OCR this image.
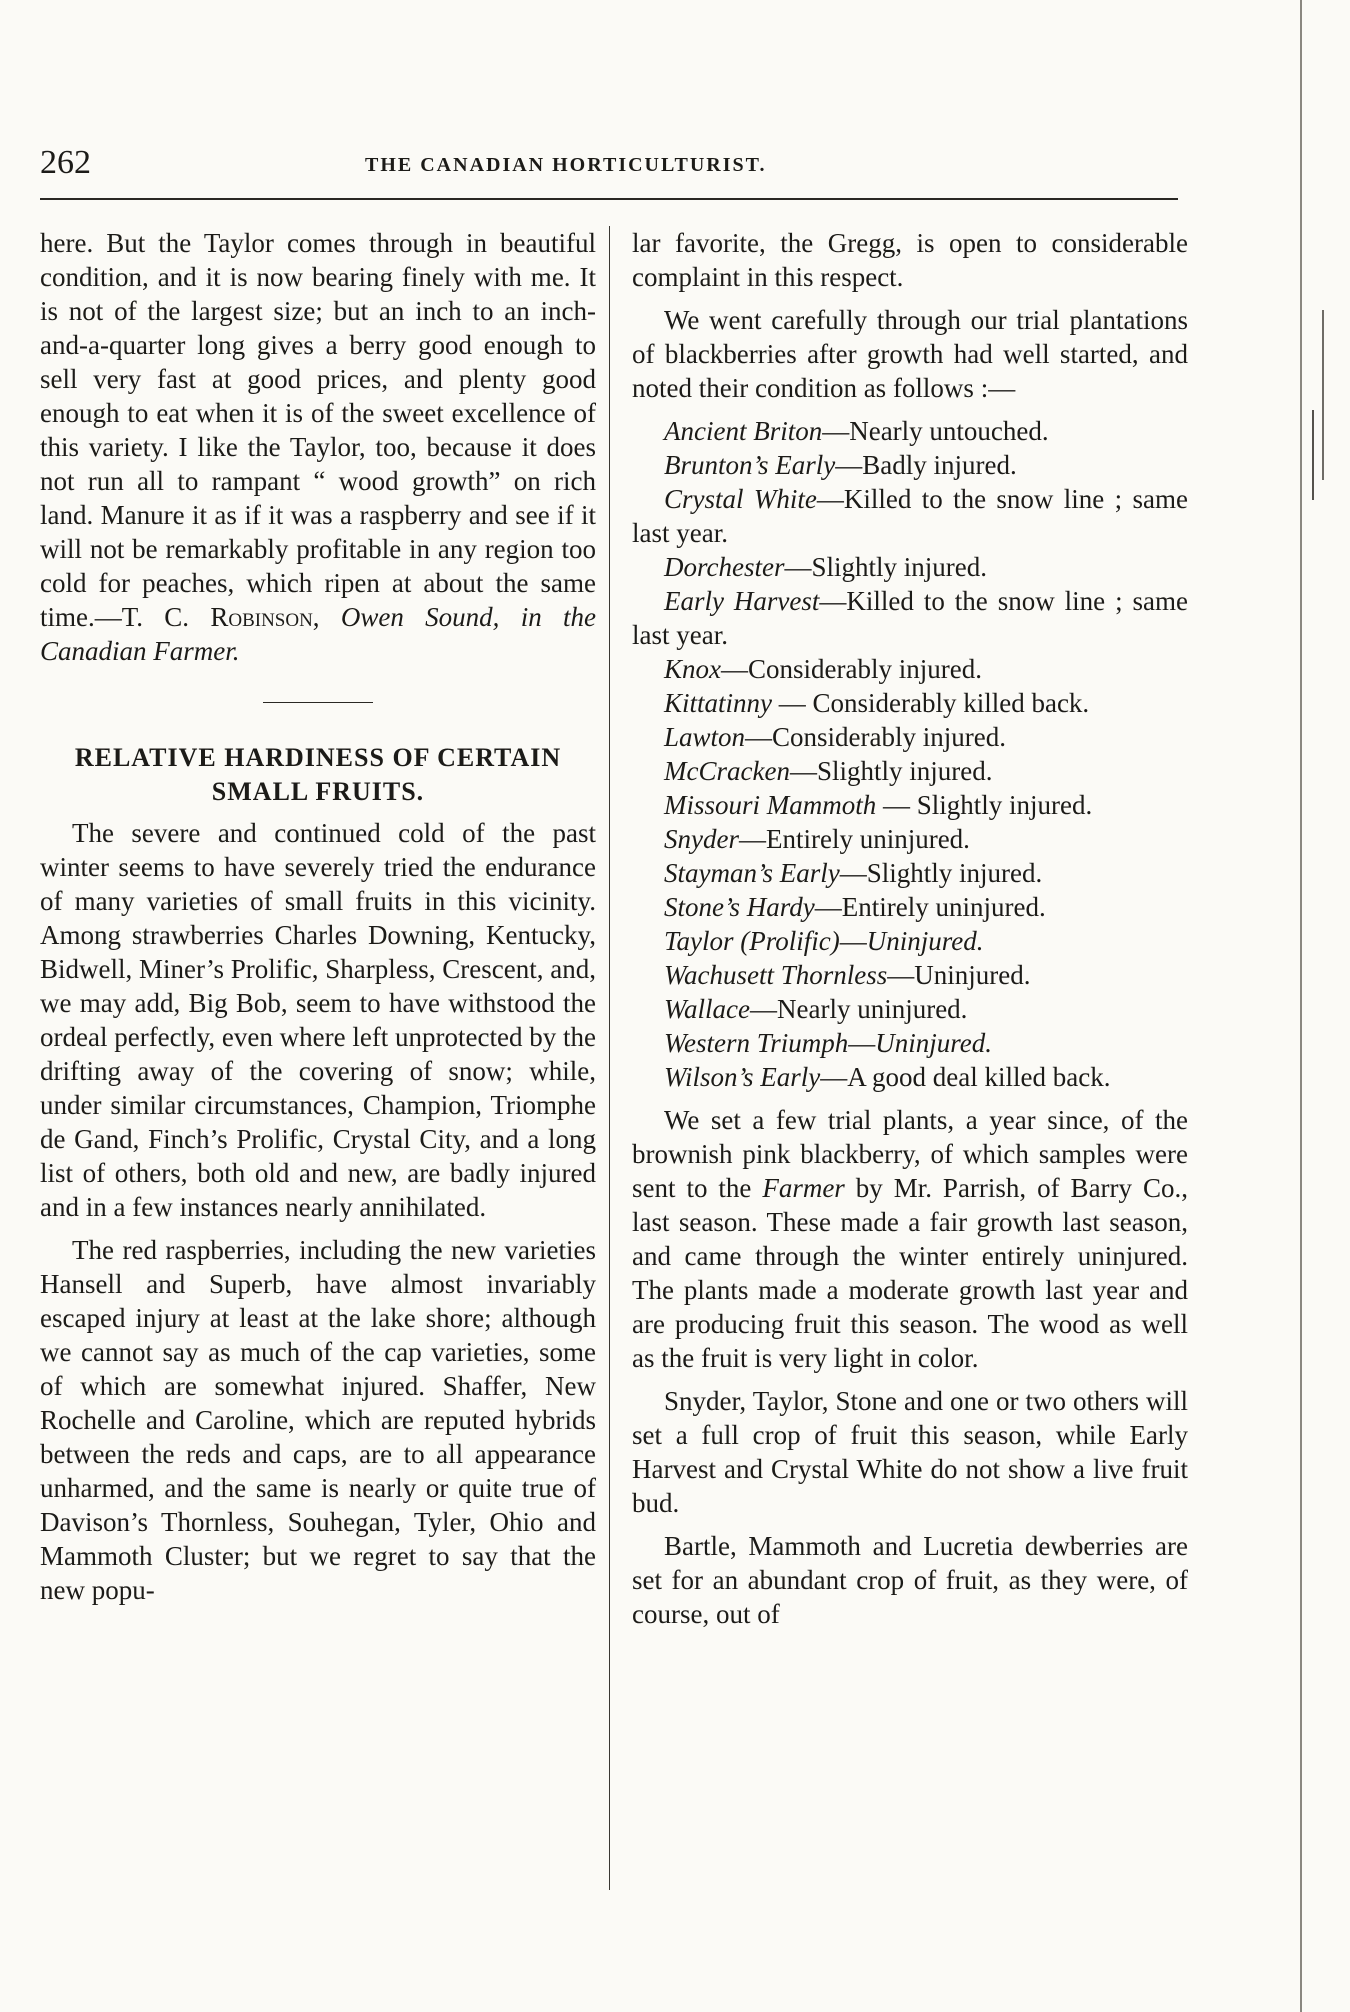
262	THE CANADIAN HORTICULTURIST.

here. But the Taylor comes through in beautiful condition, and it is now bearing finely with me. It is not of the largest size; but an inch to an inch-and-a-quarter long gives a berry good enough to sell very fast at good prices, and plenty good enough to eat when it is of the sweet excellence of this variety. I like the Taylor, too, because it does not run all to rampant “ wood growth” on rich land. Manure it as if it was a raspberry and see if it will not be remarkably profitable in any region too cold for peaches, which ripen at about the same time.—T. C. Robinson, Owen Sound, in the Canadian Farmer.

RELATIVE HARDINESS OF CERTAIN SMALL FRUITS.

The severe and continued cold of the past winter seems to have severely tried the endurance of many varieties of small fruits in this vicinity. Among strawberries Charles Downing, Kentucky, Bidwell, Miner’s Prolific, Sharpless, Crescent, and, we may add, Big Bob, seem to have withstood the ordeal perfectly, even where left unprotected by the drifting away of the covering of snow; while, under similar circumstances, Champion, Triomphe de Gand, Finch’s Prolific, Crystal City, and a long list of others, both old and new, are badly injured and in a few instances nearly annihilated.

The red raspberries, including the new varieties Hansell and Superb, have almost invariably escaped injury at least at the lake shore; although we cannot say as much of the cap varieties, some of which are somewhat injured. Shaffer, New Rochelle and Caroline, which are reputed hybrids between the reds and caps, are to all appearance unharmed, and the same is nearly or quite true of Davison’s Thornless, Souhegan, Tyler, Ohio and Mammoth Cluster; but we regret to say that the new popu-

lar favorite, the Gregg, is open to considerable complaint in this respect.

We went carefully through our trial plantations of blackberries after growth had well started, and noted their condition as follows :—

Ancient Briton—Nearly untouched.

Brunton’s Early—Badly injured.

Crystal White—Killed to the snow line ; same last year.

Dorchester—Slightly injured.

Early Harvest—Killed to the snow line ; same last year.

Knox—Considerably injured.

Kittatinny — Considerably killed back.

Lawton—Considerably injured.

McCracken—Slightly injured.

Missouri Mammoth — Slightly injured.

Snyder—Entirely uninjured.

Stayman’s Early—Slightly injured.

Stone’s Hardy—Entirely uninjured.

Taylor (Prolific)—Uninjured.

Wachusett Thornless—Uninjured.

Wallace—Nearly uninjured.

Western Triumph—Uninjured.

Wilson’s Early—A good deal killed back.

We set a few trial plants, a year since, of the brownish pink blackberry, of which samples were sent to the Farmer by Mr. Parrish, of Barry Co., last season. These made a fair growth last season, and came through the winter entirely uninjured. The plants made a moderate growth last year and are producing fruit this season. The wood as well as the fruit is very light in color.

Snyder, Taylor, Stone and one or two others will set a full crop of fruit this season, while Early Harvest and Crystal White do not show a live fruit bud.

Bartle, Mammoth and Lucretia dewberries are set for an abundant crop of fruit, as they were, of course, out of
